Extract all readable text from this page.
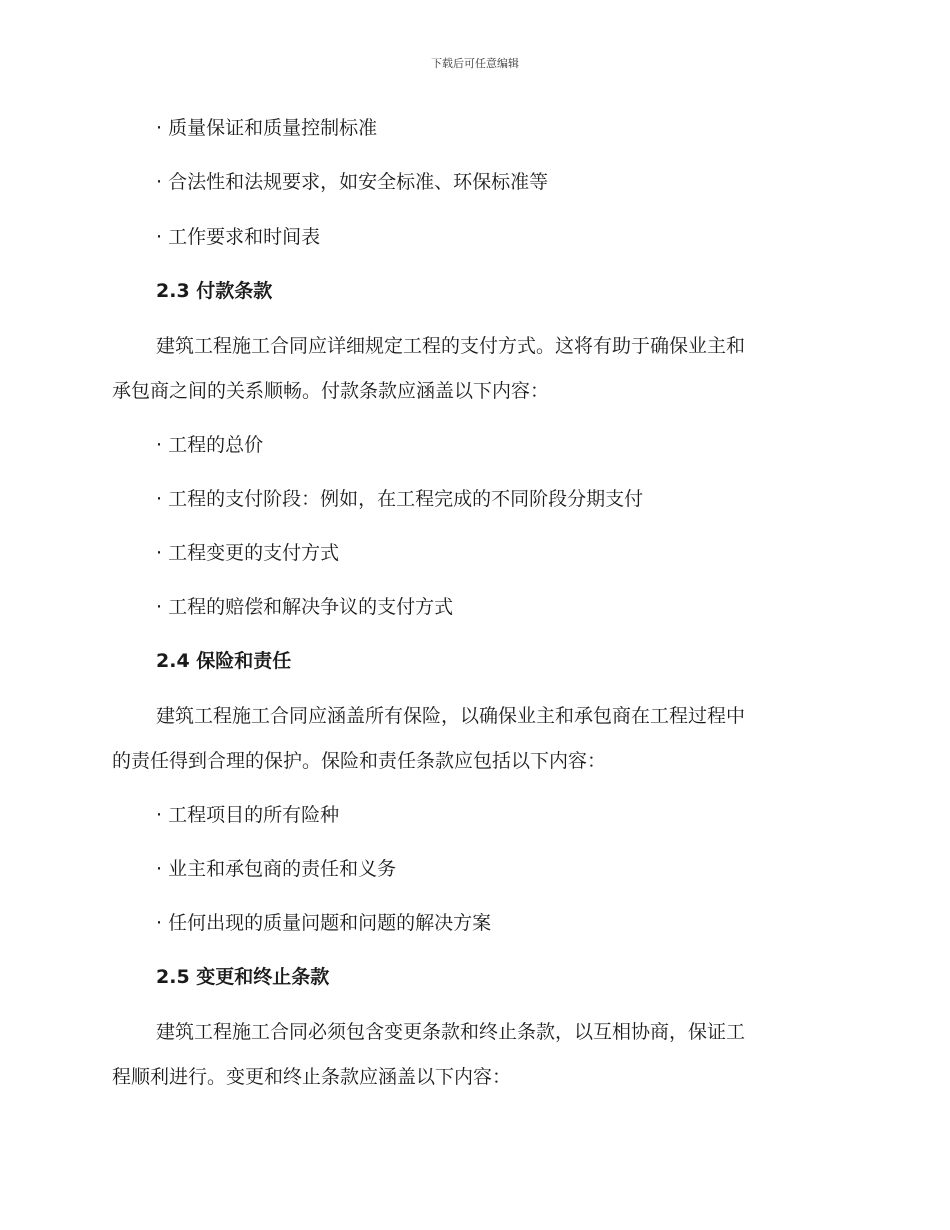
下载后可任意编辑
· 质量保证和质量控制标准
· 合法性和法规要求，如安全标准、环保标准等
· 工作要求和时间表
2.3 付款条款
建筑工程施工合同应详细规定工程的支付方式。这将有助于确保业主和
承包商之间的关系顺畅。付款条款应涵盖以下内容：
· 工程的总价
· 工程的支付阶段：例如，在工程完成的不同阶段分期支付
· 工程变更的支付方式
· 工程的赔偿和解决争议的支付方式
2.4 保险和责任
建筑工程施工合同应涵盖所有保险，以确保业主和承包商在工程过程中
的责任得到合理的保护。保险和责任条款应包括以下内容：
· 工程项目的所有险种
· 业主和承包商的责任和义务
· 任何出现的质量问题和问题的解决方案
2.5 变更和终止条款
建筑工程施工合同必须包含变更条款和终止条款，以互相协商，保证工
程顺利进行。变更和终止条款应涵盖以下内容：
